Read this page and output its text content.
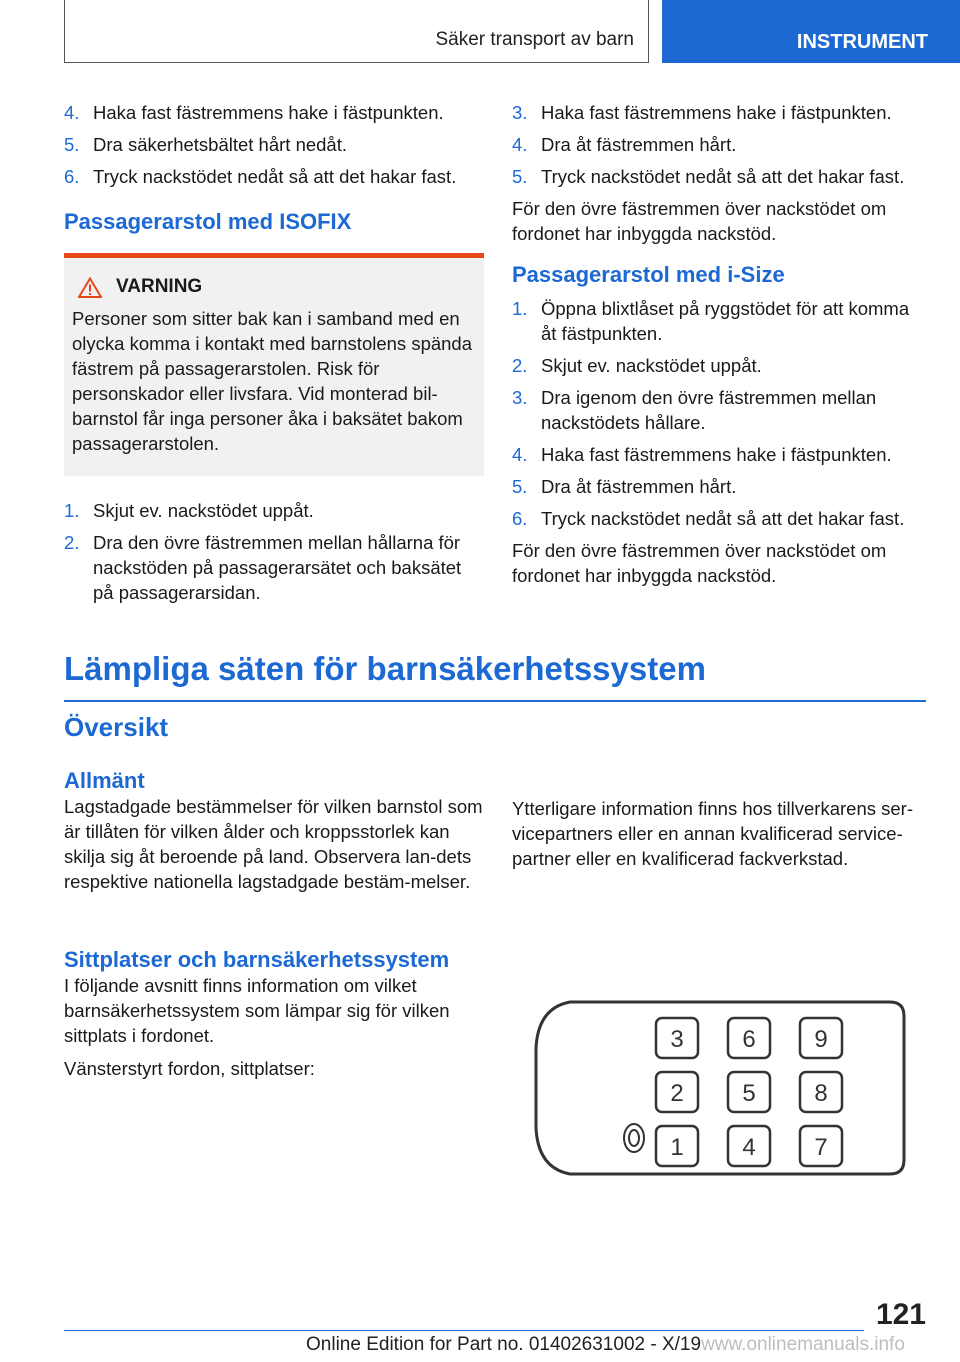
Säker transport av barn	INSTRUMENT
4. Haka fast fästremmens hake i fästpunkten.
5. Dra säkerhetsbältet hårt nedåt.
6. Tryck nackstödet nedåt så att det hakar fast.
Passagerarstol med ISOFIX
VARNING

Personer som sitter bak kan i samband med en olycka komma i kontakt med barnstolens spända fästrem på passagerarstolen. Risk för personskador eller livsfara. Vid monterad bil-barnstol får inga personer åka i baksätet bakom passagerarstolen.

1. Skjut ev. nackstödet uppåt.
2. Dra den övre fästremmen mellan hållarna för nackstöden på passagerarsätet och baksätet på passagerarsidan.
3. Haka fast fästremmens hake i fästpunkten.
4. Dra åt fästremmen hårt.
5. Tryck nackstödet nedåt så att det hakar fast.

För den övre fästremmen över nackstödet om fordonet har inbyggda nackstöd.

Passagerarstol med i-Size
1. Öppna blixtlåset på ryggstödet för att komma åt fästpunkten.
2. Skjut ev. nackstödet uppåt.
3. Dra igenom den övre fästremmen mellan nackstödets hållare.
4. Haka fast fästremmens hake i fästpunkten.
5. Dra åt fästremmen hårt.
6. Tryck nackstödet nedåt så att det hakar fast.

För den övre fästremmen över nackstödet om fordonet har inbyggda nackstöd.

Lämpliga säten för barnsäkerhetssystem
Översikt
Allmänt

Lagstadgade bestämmelser för vilken barnstol som är tillåten för vilken ålder och kroppsstorlek kan skilja sig åt beroende på land. Observera lan-dets respektive nationella lagstadgade bestäm-melser.

Ytterligare information finns hos tillverkarens ser-vicepartners eller en annan kvalificerad service-partner eller en kvalificerad fackverkstad.

Sittplatser och barnsäkerhetssystem

I följande avsnitt finns information om vilket barnsäkerhetssystem som lämpar sig för vilken sittplats i fordonet.

Vänsterstyrt fordon, sittplatser:

3 6 9
2 5 8
1 4 7
121
Online Edition for Part no. 01402631002 - X/19www.onlinemanuals.info
